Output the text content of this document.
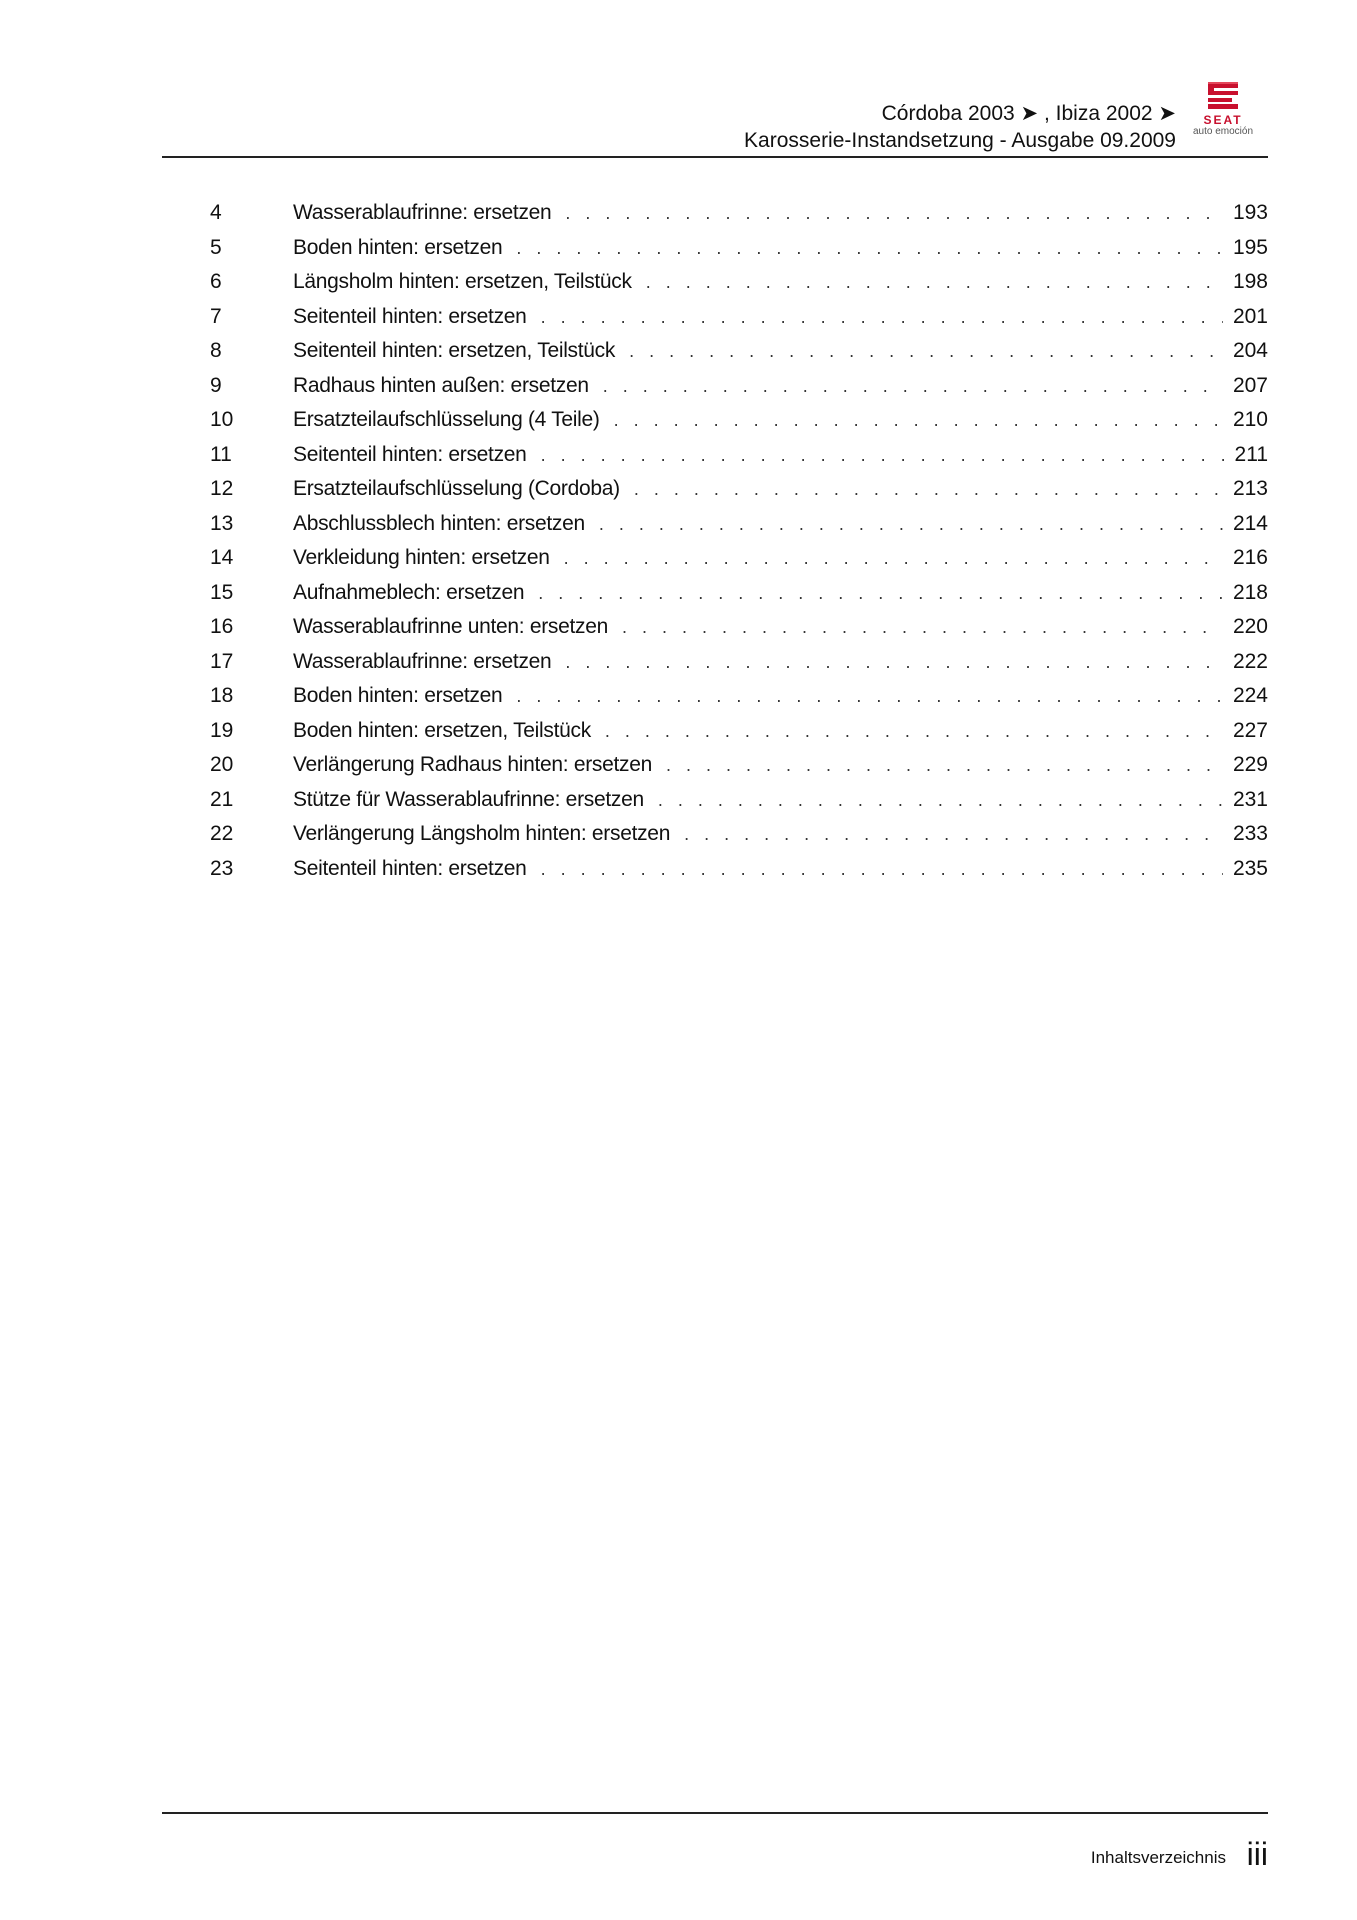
Córdoba 2003 ➤ , Ibiza 2002 ➤
Karosserie-Instandsetzung - Ausgabe 09.2009
SEAT
auto emoción
4	Wasserablaufrinne: ersetzen . . .	193
5	Boden hinten: ersetzen . . .	195
6	Längsholm hinten: ersetzen, Teilstück . . .	198
7	Seitenteil hinten: ersetzen . . .	201
8	Seitenteil hinten: ersetzen, Teilstück . . .	204
9	Radhaus hinten außen: ersetzen . . .	207
10	Ersatzteilaufschlüsselung (4 Teile) . . .	210
11	Seitenteil hinten: ersetzen . . .	211
12	Ersatzteilaufschlüsselung (Cordoba) . . .	213
13	Abschlussblech hinten: ersetzen . . .	214
14	Verkleidung hinten: ersetzen . . .	216
15	Aufnahmeblech: ersetzen . . .	218
16	Wasserablaufrinne unten: ersetzen . . .	220
17	Wasserablaufrinne: ersetzen . . .	222
18	Boden hinten: ersetzen . . .	224
19	Boden hinten: ersetzen, Teilstück . . .	227
20	Verlängerung Radhaus hinten: ersetzen . . .	229
21	Stütze für Wasserablaufrinne: ersetzen . . .	231
22	Verlängerung Längsholm hinten: ersetzen . . .	233
23	Seitenteil hinten: ersetzen . . .	235
Inhaltsverzeichnis iii
